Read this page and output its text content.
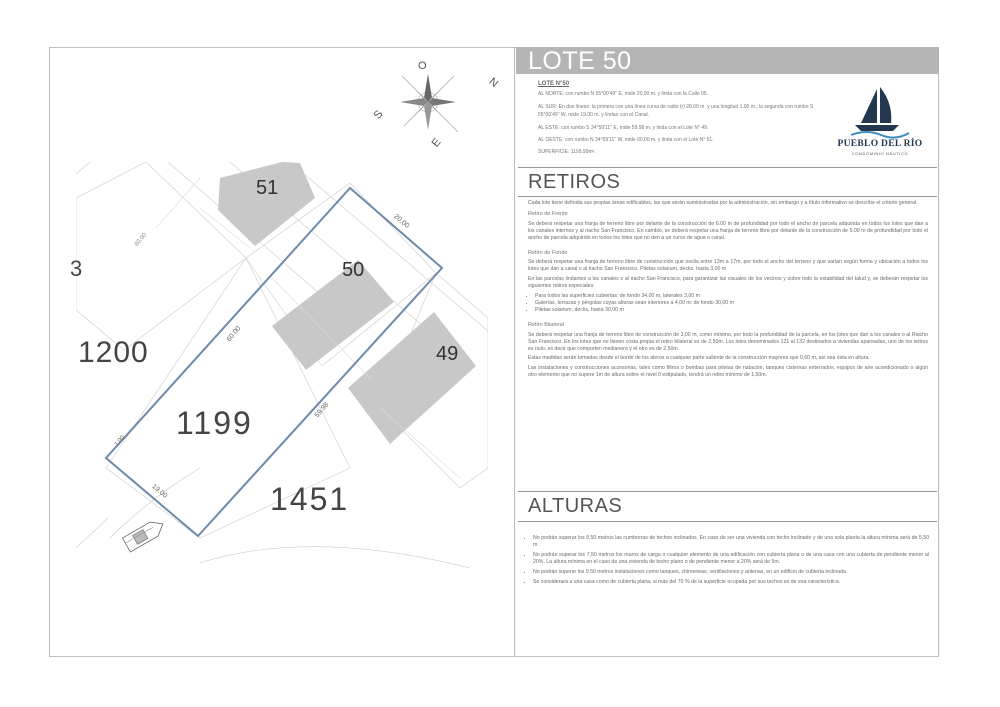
O
N
S
E
51
50
49
1200
1199
1451
3
20.00
60.00
59.98
19.00
1.00
60.00
LOTE 50
LOTE N°50
AL NORTE: con rumbo N 55°00'49'' E, mide 20.00 m. y linda con la Calle 05.
AL SUR: En dos líneas: la primera con una línea curva de radio (r) 28.00 m. y una longitud 1.00 m.; la segunda con rumbo S 55°00'49'' W, mide 19.00 m. y lindan con el Canal.
AL ESTE: con rumbo S 34°59'11'' E, mide 59.98 m. y linda con el Lote N° 49.
AL OESTE: con rumbo N 34°59'11'' W, mide 60.00 m. y linda con el Lote N° 51.
SUPERFICIE: 1199,99m².
PUEBLO DEL RÍO
CONDOMINIO NÁUTICO
RETIROS

Cada lote tiene definida sus propias áreas edificables, las que serán suministradas por la administración, sin embargo y a título informativo se describe el criterio general.

Retiro de Frente

Se deberá respetar una franja de terreno libre por delante de la construcción de 6.00 m de profundidad por todo el ancho de parcela adquirida en todos los lotes que dan a los canales internos y al riacho San Francisco. En cambio, se deberá respetar una franja de terreno libre por delante de la construcción de 5.00 m de profundidad por todo el ancho de parcela adquirido en todos los lotes que no den a un curso de agua o canal.

Retiro de Fondo

Se deberá respetar una franja de terreno libre de construcción que oscila entre 13m a 17m, por todo el ancho del terreno y que varían según forma y ubicación a todos los lotes que dan a canal o al riacho San Francisco. Piletas solarium, decks, hasta 3,00 m

En las parcelas lindantes a los canales o al riacho San Francisco, para garantizar las visuales de los vecinos y sobre todo la estabilidad del talud y, se deberán respetar los siguientes retiros especiales:

• Para todos las superficies cubiertas: de fondo 34,00 m, laterales 3,00 m
• Galerías, terrazas y pérgolas cuyas alturas sean interiores a 4,00 m: de fondo 30,00 m
• Piletas solarium, decks, hasta 30,00 m
Retiro Bilateral

Se deberá respetar una franja de terreno libre de construcción de 3,00 m, como mínimo, por todo la profundidad de la parcela, en los lotes que dan a los canales o al Riacho San Francisco. En los lotes que no tienen costa propia el retiro bilateral es de 2,50m. Los lotes denominados 121 al 132 destinados a viviendas apareadas, uno de los retiros es nulo, es decir que comporten medianera y el otro es de 2,50m.

Estas medidas serán tomadas desde el borde de los aleros a cualquier parte saliente de la construcción mayores que 0,60 m, así sea ésta en altura.

Las instalaciones y construcciones accesorias, tales como filtros o bombas para piletas de natación, tanques cisternas enterrados, equipos de aire acondicionado o algún otro elemento que no supere 1m de altura sobre el nivel 0 estipulado, tendrá un retiro mínimo de 1,50m.

ALTURAS
• No podrán superar los 8,50 metros las cumbreras de techos inclinados. En caso de ser una vivienda con techo inclinado y de una sola planta la altura mínima será de 5,50 m.
• No podrán superar los 7,50 metros los muros de carga o cualquier elemento de una edificación con cubierta plana o de una casa con una cubierta de pendiente menor al 20%. La altura mínima en el caso de una vivienda de techo plano o de pendiente menor a 20% será de 5m.
• No podrán superar los 9.50 metros instalaciones como tanques, chimeneas, ventilaciones y antenas, en un edificio de cubierta inclinada.
• Se considerará a una casa como de cubierta plana, si más del 70 % de la superficie ocupada por sus techos es de esa característica.
